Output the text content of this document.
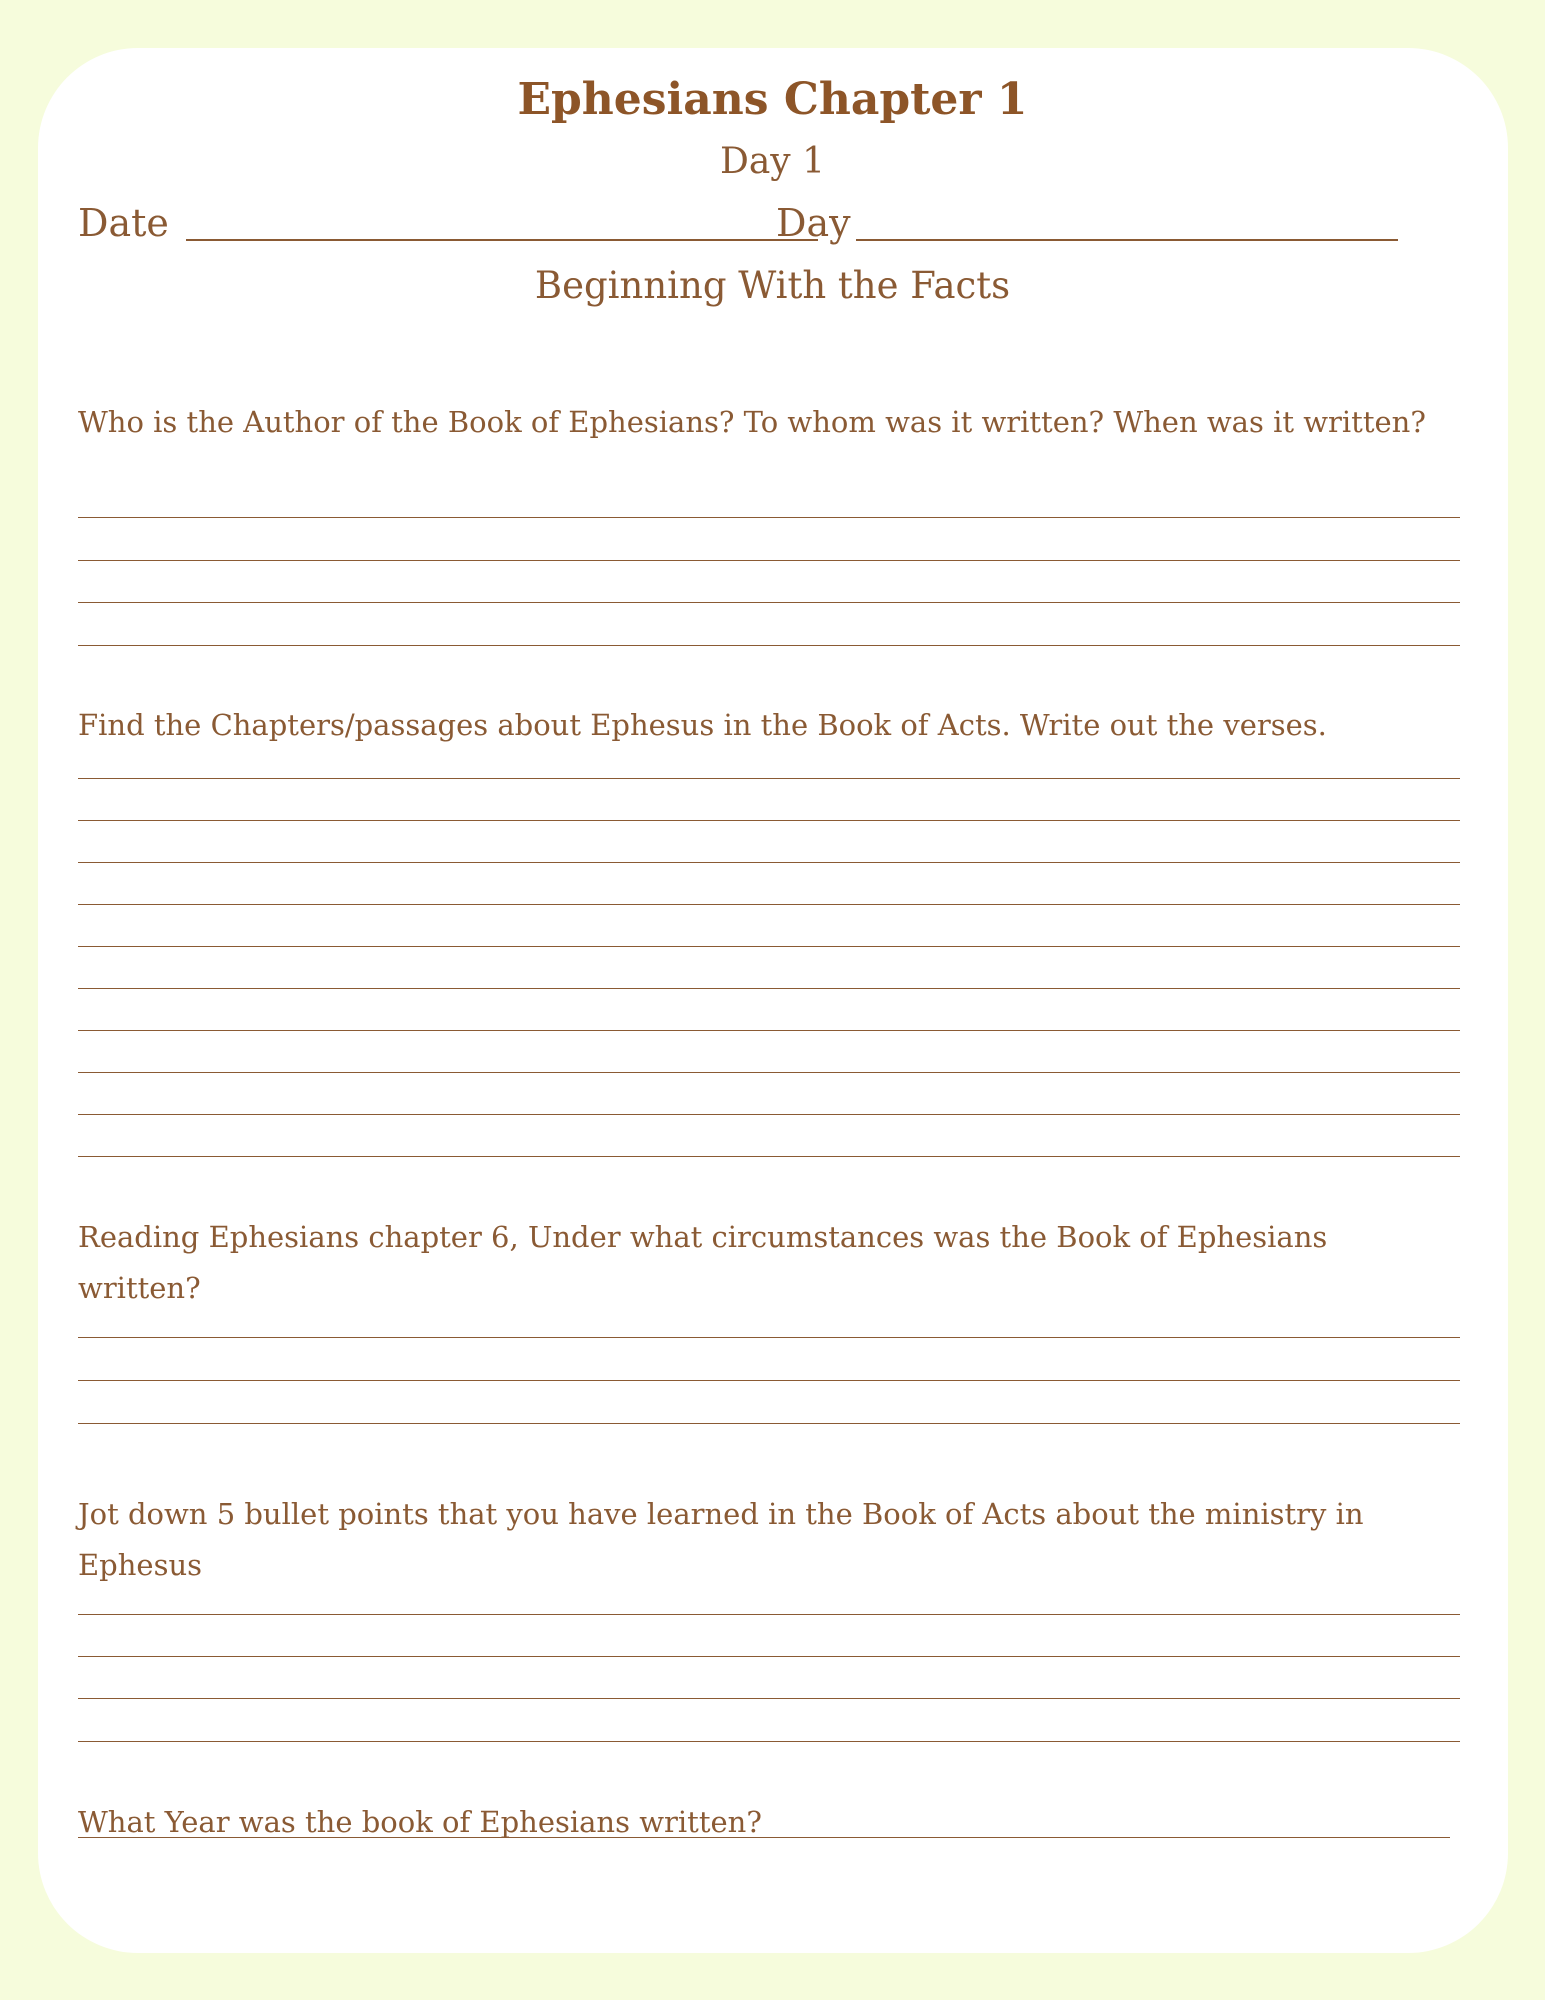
Ephesians Chapter 1
Day 1
Date	Day
Beginning With the Facts

Who is the Author of the Book of Ephesians? To whom was it written? When was it written?

Find the Chapters/passages about Ephesus in the Book of Acts. Write out the verses.

Reading Ephesians chapter 6, Under what circumstances was the Book of Ephesians written?

Jot down 5 bullet points that you have learned in the Book of Acts about the ministry in Ephesus

What Year was the book of Ephesians written?
